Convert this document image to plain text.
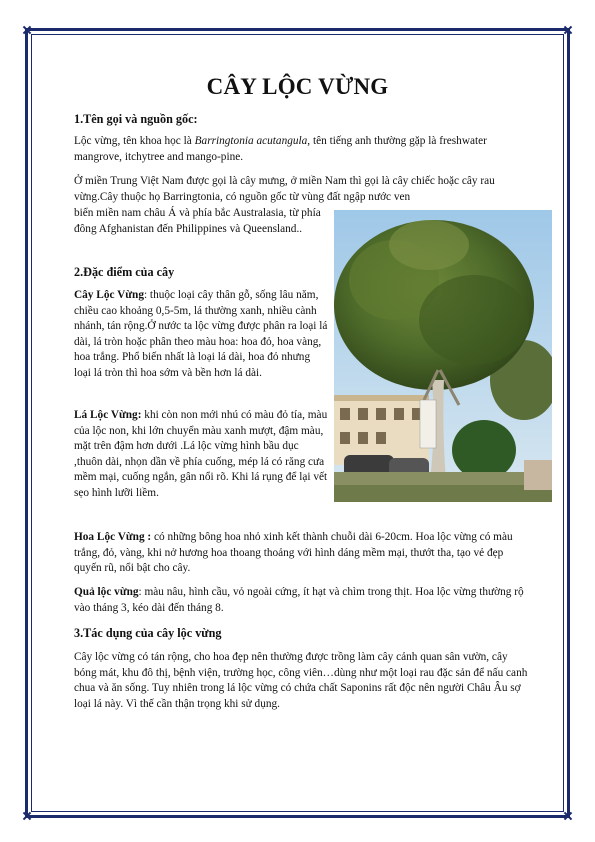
CÂY LỘC VỪNG
1.Tên gọi và nguồn gốc:

Lộc vừng, tên khoa học là Barringtonia acutangula, tên tiếng anh thường gặp là freshwater mangrove, itchytree and mango-pine.

Ở miền Trung Việt Nam được gọi là cây mưng, ở miền Nam thì gọi là cây chiếc hoặc cây rau vừng.Cây thuộc họ Barringtonia, có nguồn gốc từ vùng đất ngập nước ven

biển miền nam châu Á và phía bắc Australasia, từ phía đông Afghanistan đến Philippines và Queensland..

2.Đặc điểm của cây

Cây Lộc Vừng: thuộc loại cây thân gỗ, sống lâu năm, chiều cao khoảng 0,5-5m, lá thường xanh, nhiều cành nhánh, tán rộng.Ở nước ta lộc vừng được phân ra loại lá dài, lá tròn hoặc phân theo màu hoa: hoa đỏ, hoa vàng, hoa trắng. Phổ biến nhất là loại lá dài, hoa đỏ nhưng loại lá tròn thì hoa sớm và bền hơn lá dài.

Lá Lộc Vừng: khi còn non mới nhú có màu đỏ tía, màu của lộc non, khi lớn chuyển màu xanh mượt, đậm màu, mặt trên đậm hơn dưới .Lá lộc vừng hình bầu dục ,thuôn dài, nhọn dần về phía cuống, mép lá có răng cưa mềm mại, cuống ngắn, gân nổi rõ. Khi lá rụng để lại vết sẹo hình lưỡi liềm.

Hoa Lộc Vừng : có những bông hoa nhỏ xinh kết thành chuỗi dài 6-20cm. Hoa lộc vừng có màu trắng, đỏ, vàng, khi nở hương hoa thoang thoảng với hình dáng mềm mại, thướt tha, tạo vẻ đẹp quyến rũ, nổi bật cho cây.

Quả lộc vừng: màu nâu, hình cầu, vỏ ngoài cứng, ít hạt và chìm trong thịt. Hoa lộc vừng thường rộ vào tháng 3, kéo dài đến tháng 8.

3.Tác dụng của cây lộc vừng

Cây lộc vừng có tán rộng, cho hoa đẹp nên thường được trồng làm cây cảnh quan sân vườn, cây bóng mát, khu đô thị, bệnh viện, trường học, công viên…dùng như một loại rau đặc sản để nấu canh chua và ăn sống. Tuy nhiên trong lá lộc vừng có chứa chất Saponins rất độc nên người Châu Âu sợ loại lá này. Vì thế cần thận trọng khi sử dụng.
